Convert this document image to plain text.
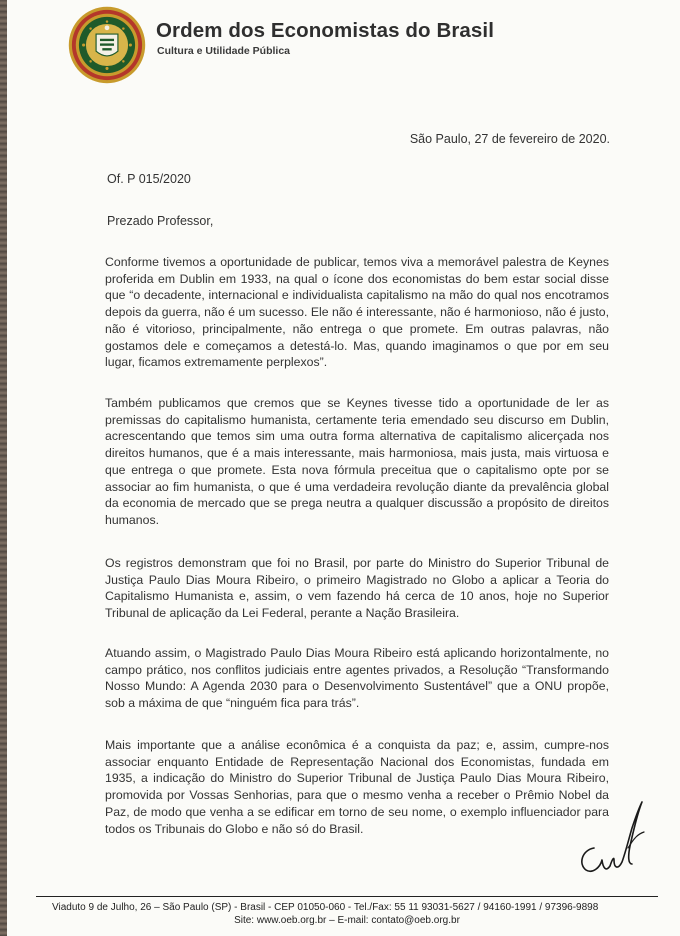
Ordem dos Economistas do Brasil
Cultura e Utilidade Pública
São Paulo, 27 de fevereiro de 2020.
Of. P 015/2020
Prezado Professor,
Conforme tivemos a oportunidade de publicar, temos viva a memorável palestra de Keynes proferida em Dublin em 1933, na qual o ícone dos economistas do bem estar social disse que “o decadente, internacional e individualista capitalismo na mão do qual nos encotramos depois da guerra, não é um sucesso. Ele não é interessante, não é harmonioso, não é justo, não é vitorioso, principalmente, não entrega o que promete. Em outras palavras, não gostamos dele e começamos a detestá-lo. Mas, quando imaginamos o que por em seu lugar, ficamos extremamente perplexos”.
Também publicamos que cremos que se Keynes tivesse tido a oportunidade de ler as premissas do capitalismo humanista, certamente teria emendado seu discurso em Dublin, acrescentando que temos sim uma outra forma alternativa de capitalismo alicerçada nos direitos humanos, que é a mais interessante, mais harmoniosa, mais justa, mais virtuosa e que entrega o que promete. Esta nova fórmula preceitua que o capitalismo opte por se associar ao fim humanista, o que é uma verdadeira revolução diante da prevalência global da economia de mercado que se prega neutra a qualquer discussão a propósito de direitos humanos.
Os registros demonstram que foi no Brasil, por parte do Ministro do Superior Tribunal de Justiça Paulo Dias Moura Ribeiro, o primeiro Magistrado no Globo a aplicar a Teoria do Capitalismo Humanista e, assim, o vem fazendo há cerca de 10 anos, hoje no Superior Tribunal de aplicação da Lei Federal, perante a Nação Brasileira.
Atuando assim, o Magistrado Paulo Dias Moura Ribeiro está aplicando horizontalmente, no campo prático, nos conflitos judiciais entre agentes privados, a Resolução “Transformando Nosso Mundo: A Agenda 2030 para o Desenvolvimento Sustentável” que a ONU propõe, sob a máxima de que “ninguém fica para trás”.
Mais importante que a análise econômica é a conquista da paz; e, assim, cumpre-nos associar enquanto Entidade de Representação Nacional dos Economistas, fundada em 1935, a indicação do Ministro do Superior Tribunal de Justiça Paulo Dias Moura Ribeiro, promovida por Vossas Senhorias, para que o mesmo venha a receber o Prêmio Nobel da Paz, de modo que venha a se edificar em torno de seu nome, o exemplo influenciador para todos os Tribunais do Globo e não só do Brasil.
Viaduto 9 de Julho, 26 – São Paulo (SP) - Brasil - CEP 01050-060 - Tel./Fax: 55 11 93031-5627 / 94160-1991 / 97396-9898
Site: www.oeb.org.br – E-mail: contato@oeb.org.br
